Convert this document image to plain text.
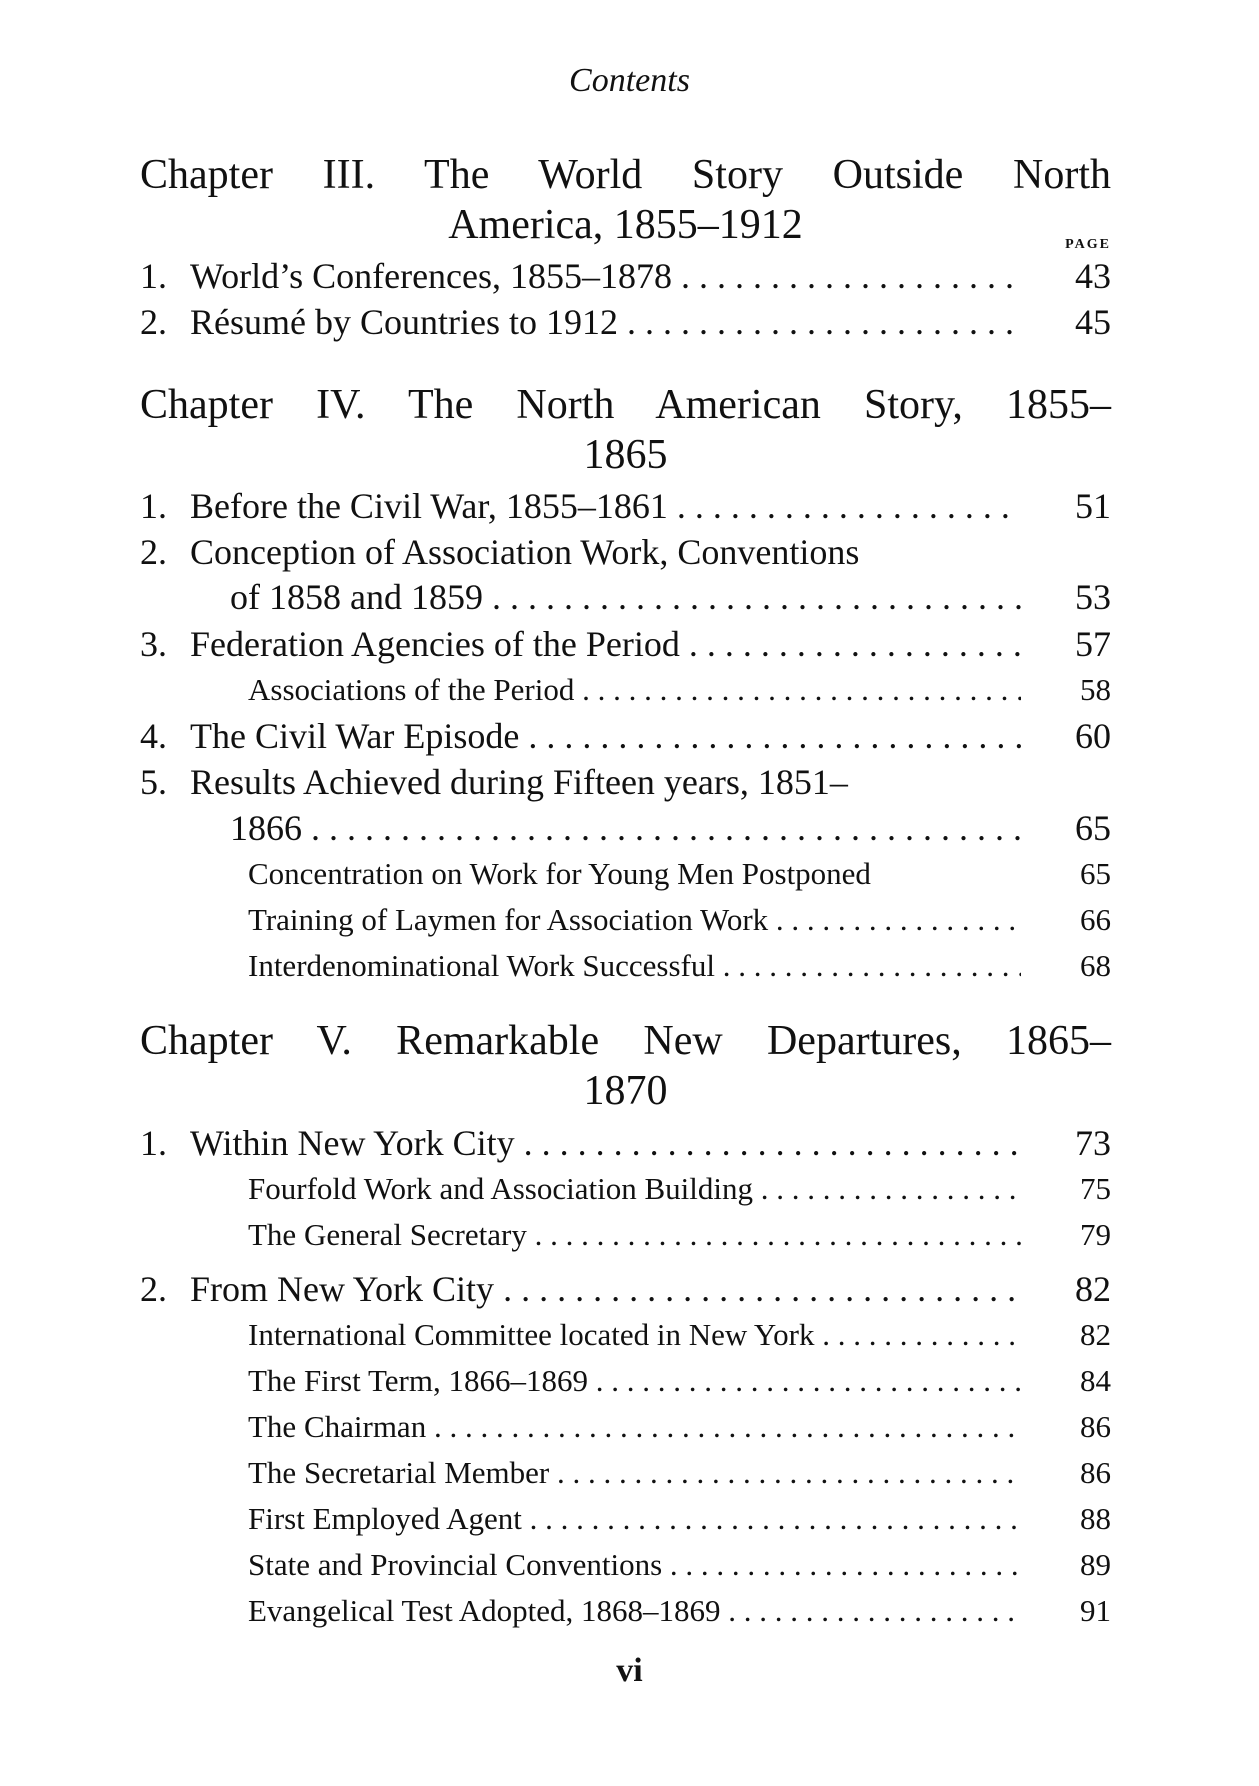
Contents
Chapter III. The World Story Outside North
America, 1855–1912	PAGE
1. World’s Conferences, 1855–1878 . . .	43
2. Résumé by Countries to 1912 . . .	45
Chapter IV. The North American Story, 1855–
1865
1. Before the Civil War, 1855–1861 . . .	51
2. Conception of Association Work, Conventions
of 1858 and 1859 . . .	53
3. Federation Agencies of the Period . . .	57
Associations of the Period . . .	58
4. The Civil War Episode . . .	60
5. Results Achieved during Fifteen years, 1851–
1866 . . .	65
Concentration on Work for Young Men Postponed	65
Training of Laymen for Association Work . . .	66
Interdenominational Work Successful . . .	68
Chapter V. Remarkable New Departures, 1865–
1870
1. Within New York City . . .	73
Fourfold Work and Association Building . . .	75
The General Secretary . . .	79
2. From New York City . . .	82
International Committee located in New York . . .	82
The First Term, 1866–1869 . . .	84
The Chairman . . .	86
The Secretarial Member . . .	86
First Employed Agent . . .	88
State and Provincial Conventions . . .	89
Evangelical Test Adopted, 1868–1869 . . .	91
vi
